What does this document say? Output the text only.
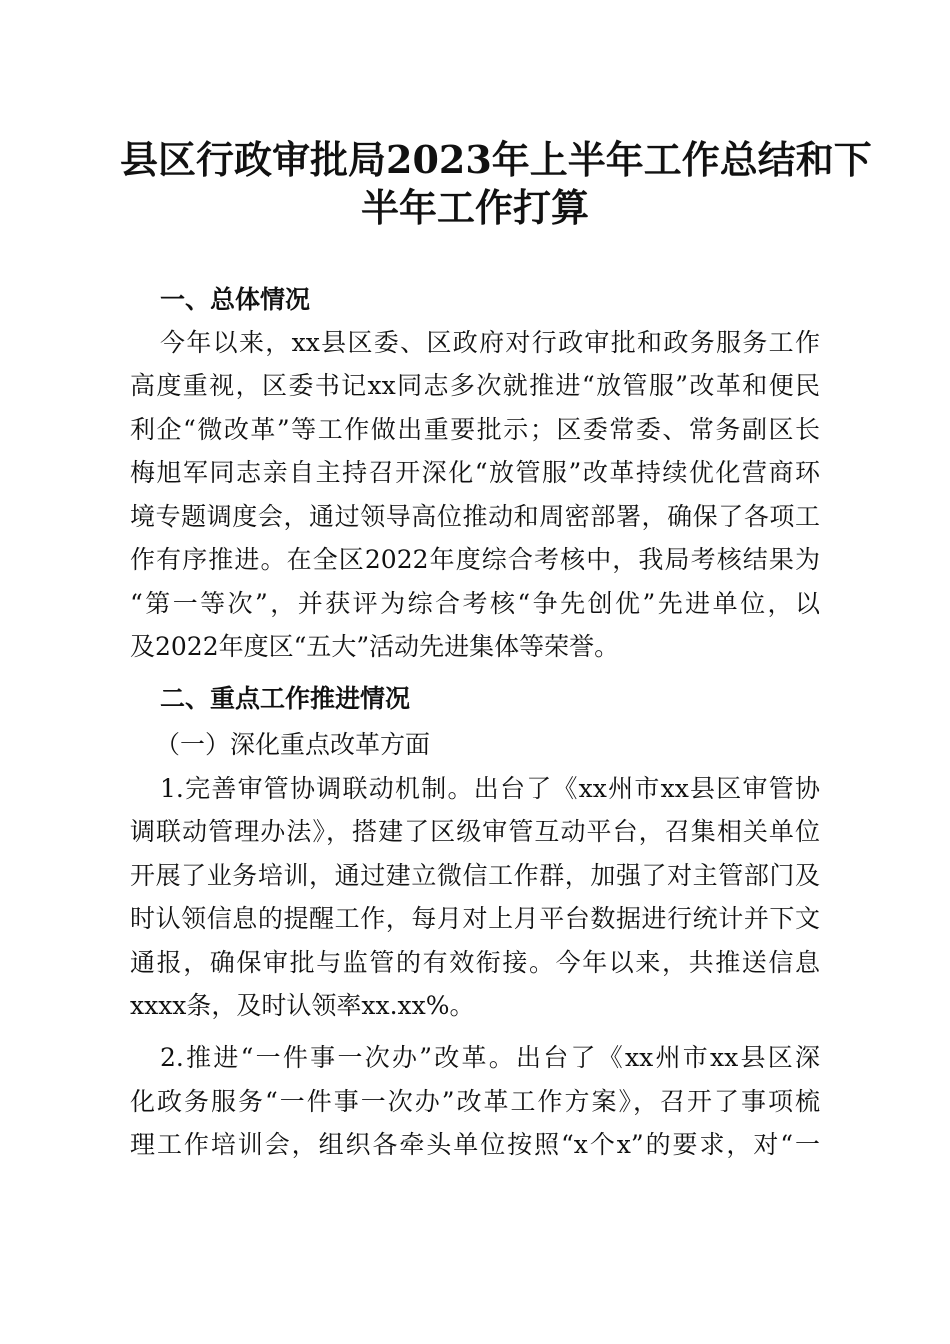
县区行政审批局2023年上半年工作总结和下
半年工作打算
一、总体情况
今年以来，xx县区委、区政府对行政审批和政务服务工作
高度重视，区委书记xx同志多次就推进“放管服”改革和便民
利企“微改革”等工作做出重要批示；区委常委、常务副区长
梅旭军同志亲自主持召开深化“放管服”改革持续优化营商环
境专题调度会，通过领导高位推动和周密部署，确保了各项工
作有序推进。在全区2022年度综合考核中，我局考核结果为
“第一等次”，并获评为综合考核“争先创优”先进单位，以
及2022年度区“五大”活动先进集体等荣誉。
二、重点工作推进情况
（一）深化重点改革方面
1.完善审管协调联动机制。出台了《xx州市xx县区审管协
调联动管理办法》，搭建了区级审管互动平台，召集相关单位
开展了业务培训，通过建立微信工作群，加强了对主管部门及
时认领信息的提醒工作，每月对上月平台数据进行统计并下文
通报，确保审批与监管的有效衔接。今年以来，共推送信息
xxxx条，及时认领率xx.xx%。
2.推进“一件事一次办”改革。出台了《xx州市xx县区深
化政务服务“一件事一次办”改革工作方案》，召开了事项梳
理工作培训会，组织各牵头单位按照“x个x”的要求，对“一
